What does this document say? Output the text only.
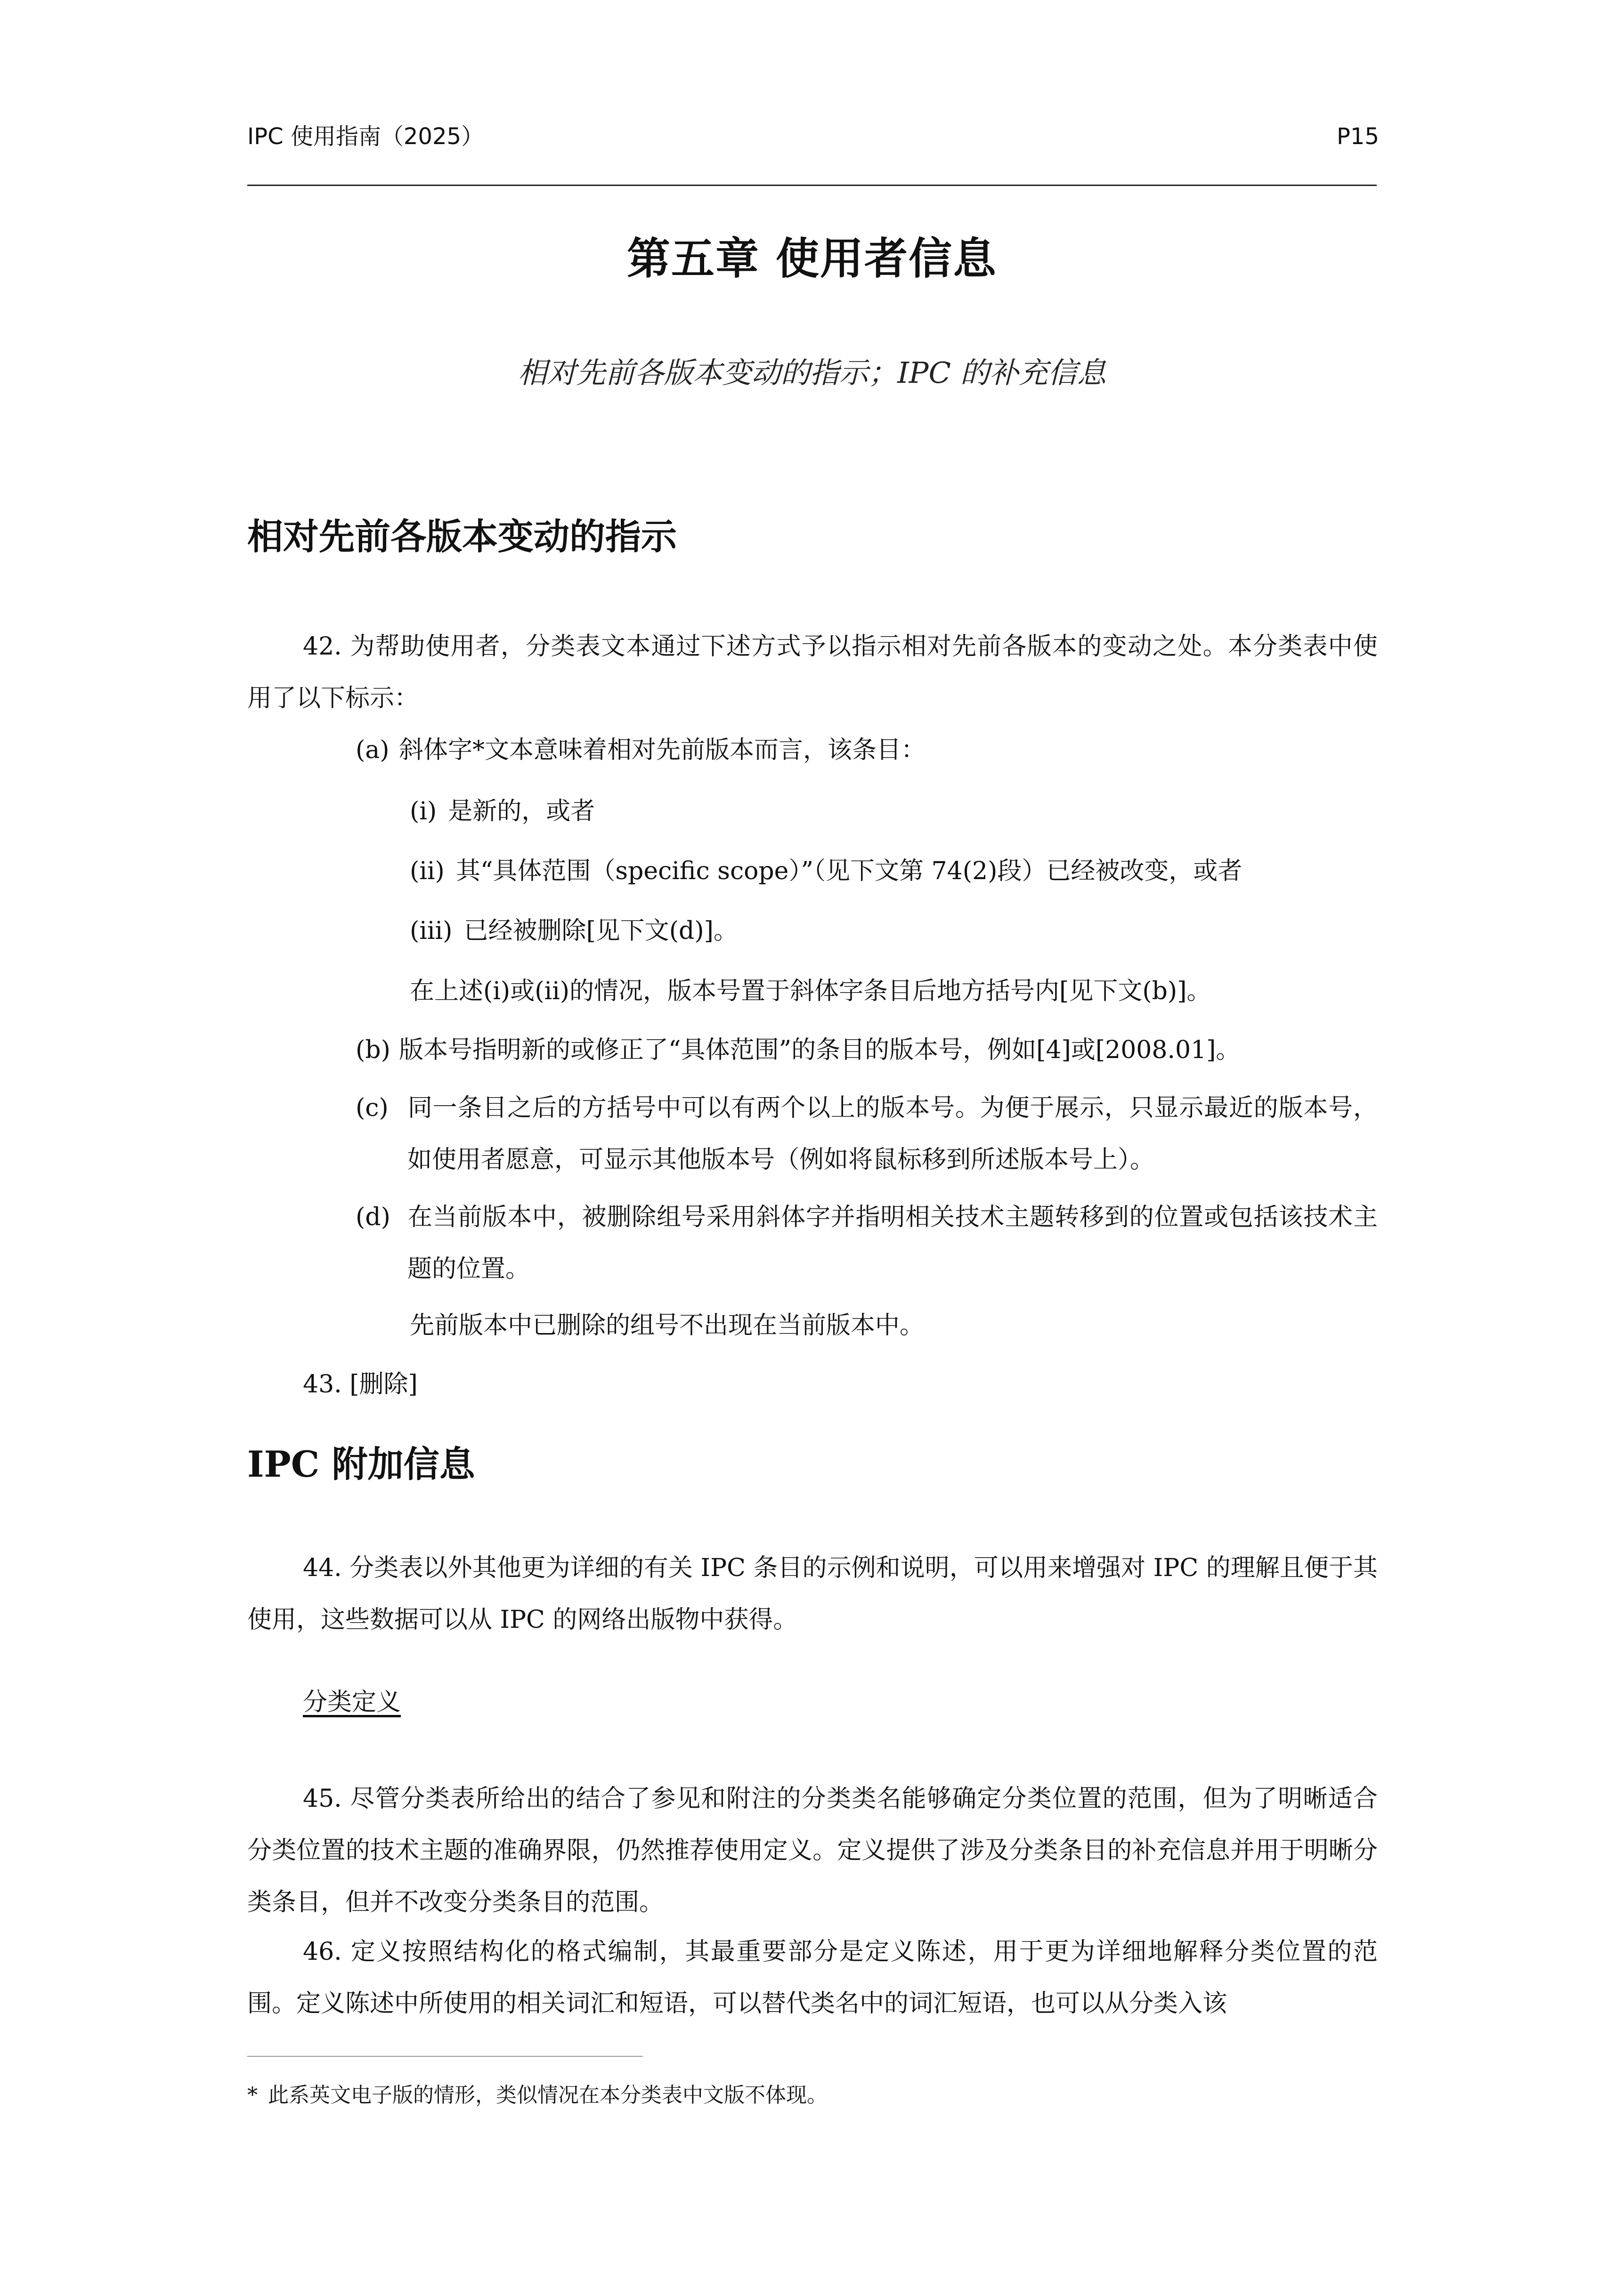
IPC 使用指南（2025）	P15
第五章 使用者信息
相对先前各版本变动的指示；IPC 的补充信息
相对先前各版本变动的指示
42. 为帮助使用者，分类表文本通过下述方式予以指示相对先前各版本的变动之处。本分类表中使用了以下标示：
(a) 斜体字*文本意味着相对先前版本而言，该条目：
(i) 是新的，或者
(ii) 其“具体范围（specific scope）”（见下文第 74(2)段）已经被改变，或者
(iii) 已经被删除[见下文(d)]。
在上述(i)或(ii)的情况，版本号置于斜体字条目后地方括号内[见下文(b)]。
(b) 版本号指明新的或修正了“具体范围”的条目的版本号，例如[4]或[2008.01]。
(c) 同一条目之后的方括号中可以有两个以上的版本号。为便于展示，只显示最近的版本号，如使用者愿意，可显示其他版本号（例如将鼠标移到所述版本号上）。
(d) 在当前版本中，被删除组号采用斜体字并指明相关技术主题转移到的位置或包括该技术主题的位置。
先前版本中已删除的组号不出现在当前版本中。
43. [删除]
IPC 附加信息
44. 分类表以外其他更为详细的有关 IPC 条目的示例和说明，可以用来增强对 IPC 的理解且便于其使用，这些数据可以从 IPC 的网络出版物中获得。
分类定义
45. 尽管分类表所给出的结合了参见和附注的分类类名能够确定分类位置的范围，但为了明晰适合分类位置的技术主题的准确界限，仍然推荐使用定义。定义提供了涉及分类条目的补充信息并用于明晰分类条目，但并不改变分类条目的范围。
46. 定义按照结构化的格式编制，其最重要部分是定义陈述，用于更为详细地解释分类位置的范围。定义陈述中所使用的相关词汇和短语，可以替代类名中的词汇短语，也可以从分类入该
* 此系英文电子版的情形，类似情况在本分类表中文版不体现。
